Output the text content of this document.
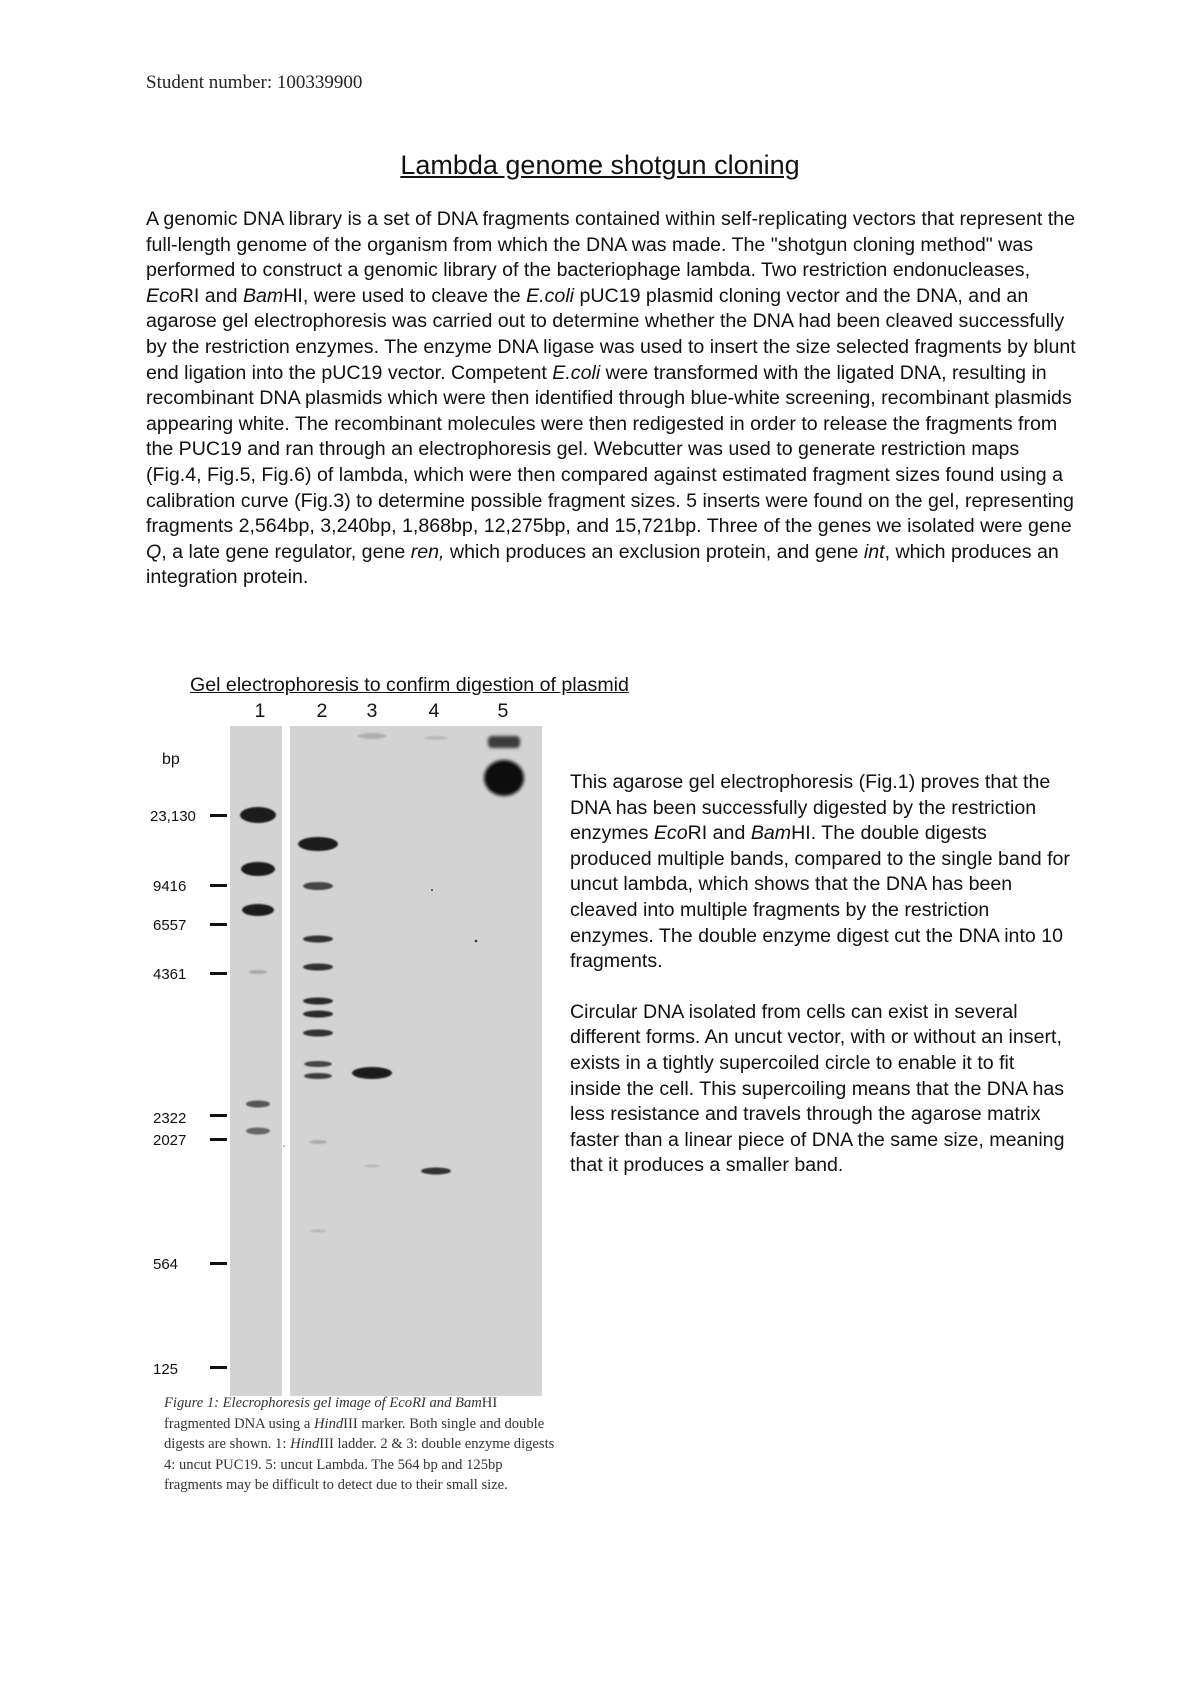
Student number: 100339900
Lambda genome shotgun cloning
A genomic DNA library is a set of DNA fragments contained within self-replicating vectors that represent the full-length genome of the organism from which the DNA was made. The "shotgun cloning method" was performed to construct a genomic library of the bacteriophage lambda. Two restriction endonucleases, EcoRI and BamHI, were used to cleave the E.coli pUC19 plasmid cloning vector and the DNA, and an agarose gel electrophoresis was carried out to determine whether the DNA had been cleaved successfully by the restriction enzymes. The enzyme DNA ligase was used to insert the size selected fragments by blunt end ligation into the pUC19 vector. Competent E.coli were transformed with the ligated DNA, resulting in recombinant DNA plasmids which were then identified through blue-white screening, recombinant plasmids appearing white. The recombinant molecules were then redigested in order to release the fragments from the PUC19 and ran through an electrophoresis gel. Webcutter was used to generate restriction maps (Fig.4, Fig.5, Fig.6) of lambda, which were then compared against estimated fragment sizes found using a calibration curve (Fig.3) to determine possible fragment sizes. 5 inserts were found on the gel, representing fragments 2,564bp, 3,240bp, 1,868bp, 12,275bp, and 15,721bp. Three of the genes we isolated were gene Q, a late gene regulator, gene ren, which produces an exclusion protein, and gene int, which produces an integration protein.
Gel electrophoresis to confirm digestion of plasmid
1	2 3	4	5
bp
23,130
9416
6557
4361
2322
2027
564
125
Figure 1: Elecrophoresis gel image of EcoRI and BamHI fragmented DNA using a HindIII marker. Both single and double digests are shown. 1: HindIII ladder. 2 & 3: double enzyme digests 4: uncut PUC19. 5: uncut Lambda. The 564 bp and 125bp fragments may be difficult to detect due to their small size.

This agarose gel electrophoresis (Fig.1) proves that the DNA has been successfully digested by the restriction enzymes EcoRI and BamHI. The double digests produced multiple bands, compared to the single band for uncut lambda, which shows that the DNA has been cleaved into multiple fragments by the restriction enzymes. The double enzyme digest cut the DNA into 10 fragments.

Circular DNA isolated from cells can exist in several different forms. An uncut vector, with or without an insert, exists in a tightly supercoiled circle to enable it to fit inside the cell. This supercoiling means that the DNA has less resistance and travels through the agarose matrix faster than a linear piece of DNA the same size, meaning that it produces a smaller band.
